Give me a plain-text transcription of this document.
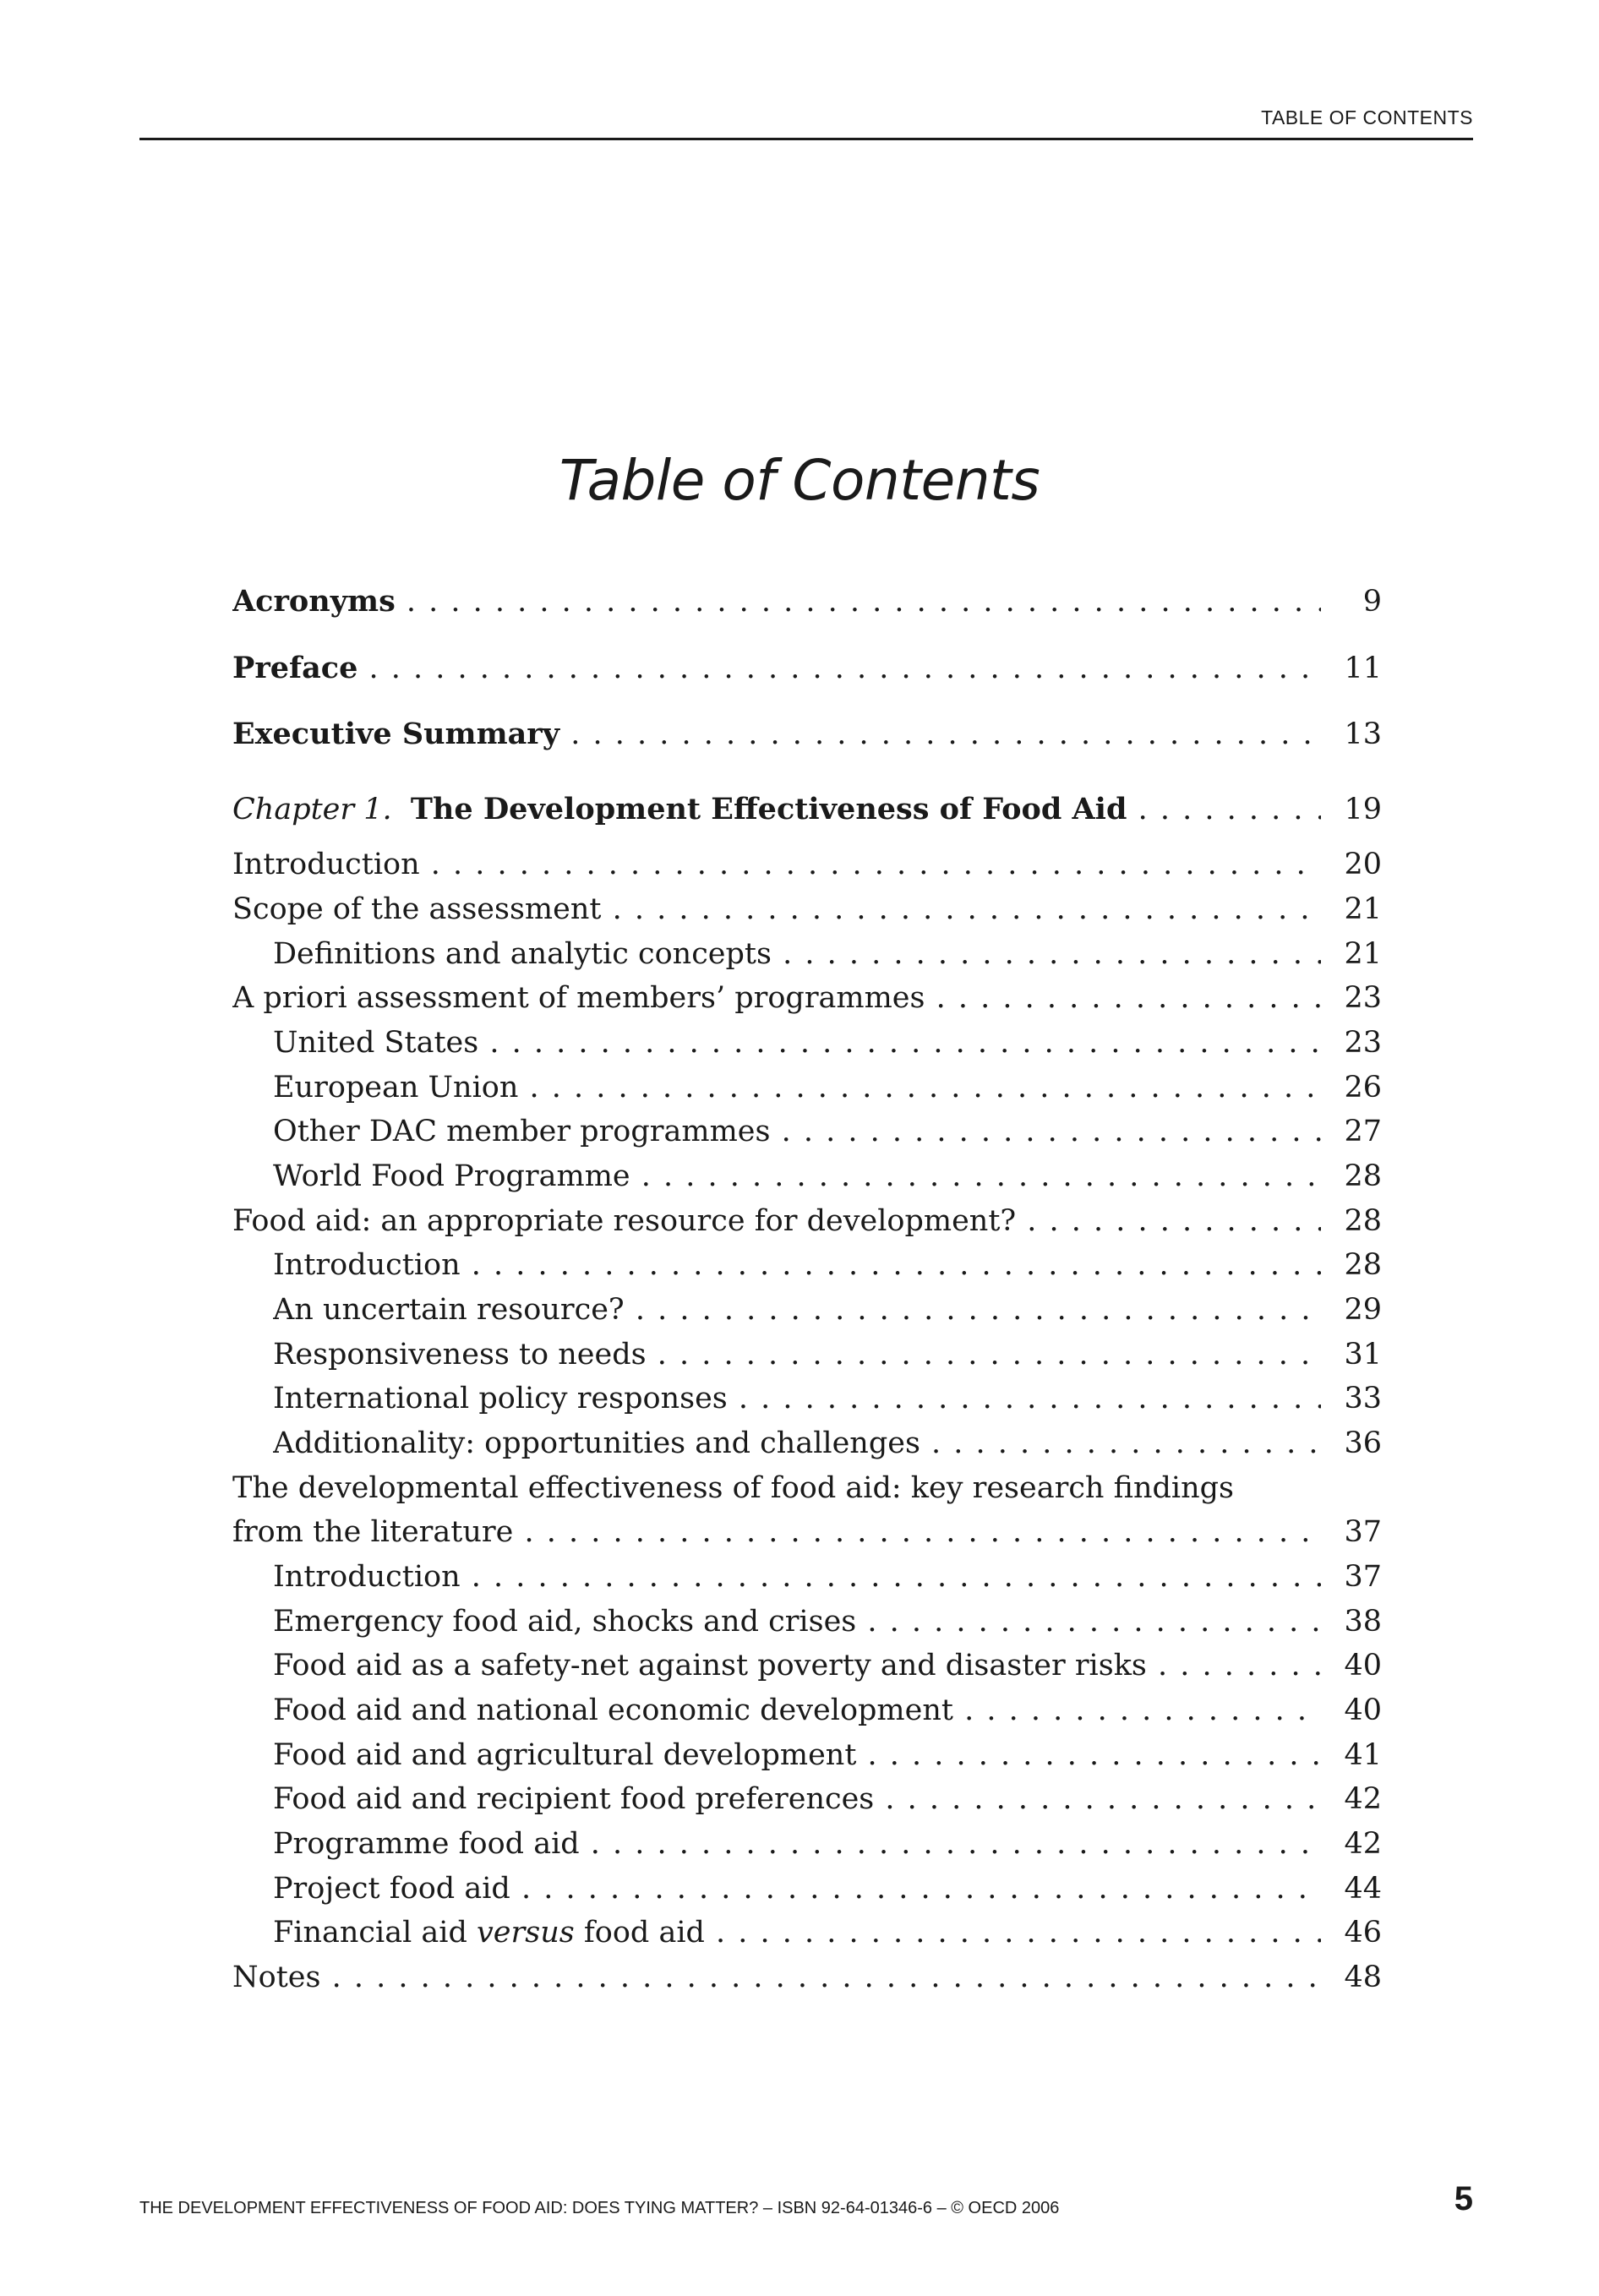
TABLE OF CONTENTS
Table of Contents
Acronyms . . .	9
Preface . . .	11
Executive Summary . . .	13
Chapter 1. The Development Effectiveness of Food Aid . . .	19
Introduction . . .	20
Scope of the assessment . . .	21
Definitions and analytic concepts . . .	21
A priori assessment of members’ programmes . . .	23
United States . . .	23
European Union . . .	26
Other DAC member programmes . . .	27
World Food Programme . . .	28
Food aid: an appropriate resource for development? . . .	28
Introduction . . .	28
An uncertain resource? . . .	29
Responsiveness to needs . . .	31
International policy responses . . .	33
Additionality: opportunities and challenges . . .	36
The developmental effectiveness of food aid: key research findings
from the literature . . .	37
Introduction . . .	37
Emergency food aid, shocks and crises . . .	38
Food aid as a safety-net against poverty and disaster risks . . .	40
Food aid and national economic development . . .	40
Food aid and agricultural development . . .	41
Food aid and recipient food preferences . . .	42
Programme food aid . . .	42
Project food aid . . .	44
Financial aid versus food aid . . .	46
Notes . . .	48
THE DEVELOPMENT EFFECTIVENESS OF FOOD AID: DOES TYING MATTER? – ISBN 92-64-01346-6 – © OECD 2006	5
